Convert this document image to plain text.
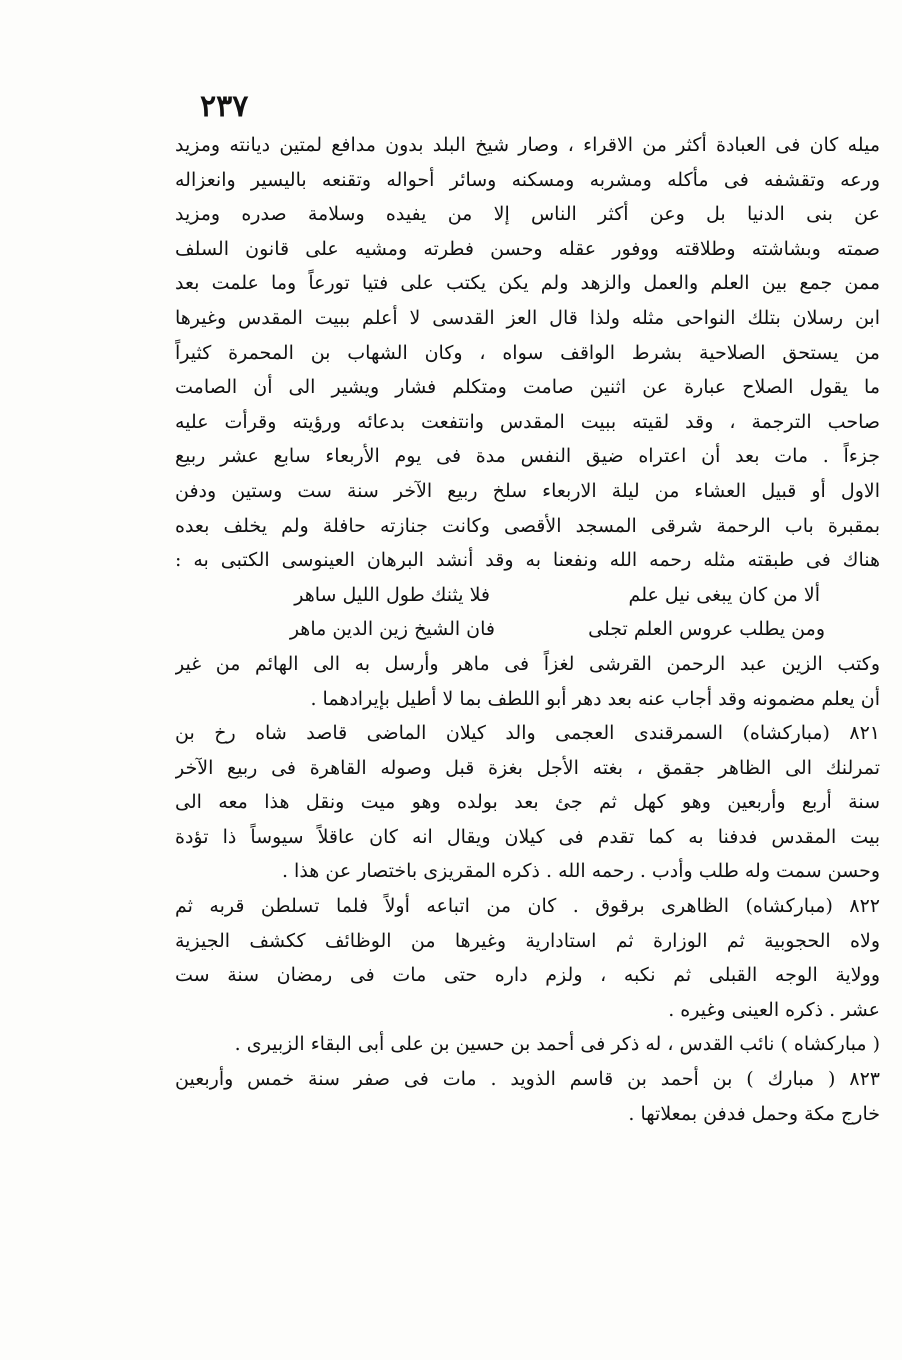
٢٣٧
ميله كان فى العبادة أكثر من الاقراء ، وصار شيخ البلد بدون مدافع لمتين ديانته ومزيد
ورعه وتقشفه فى مأكله ومشربه ومسكنه وسائر أحواله وتقنعه باليسير وانعزاله
عن بنى الدنيا بل وعن أكثر الناس إلا من يفيده وسلامة صدره ومزيد
صمته وبشاشته وطلاقته ووفور عقله وحسن فطرته ومشيه على قانون السلف
ممن جمع بين العلم والعمل والزهد ولم يكن يكتب على فتيا تورعاً وما علمت بعد
ابن رسلان بتلك النواحى مثله ولذا قال العز القدسى لا أعلم ببيت المقدس وغيرها
من يستحق الصلاحية بشرط الواقف سواه ، وكان الشهاب بن المحمرة كثيراً
ما يقول الصلاح عبارة عن اثنين صامت ومتكلم فشار ويشير الى أن الصامت
صاحب الترجمة ، وقد لقيته ببيت المقدس وانتفعت بدعائه ورؤيته وقرأت عليه
جزءاً . مات بعد أن اعتراه ضيق النفس مدة فى يوم الأربعاء سابع عشر ربيع
الاول أو قبيل العشاء من ليلة الاربعاء سلخ ربيع الآخر سنة ست وستين ودفن
بمقبرة باب الرحمة شرقى المسجد الأقصى وكانت جنازته حافلة ولم يخلف بعده
هناك فى طبقته مثله رحمه الله ونفعنا به وقد أنشد البرهان العينوسى الكتبى به :
ألا من كان يبغى نيل علم
فلا يثنك طول الليل ساهر
ومن يطلب عروس العلم تجلى
فان الشيخ زين الدين ماهر
وكتب الزين عبد الرحمن القرشى لغزاً فى ماهر وأرسل به الى الهائم من غير
أن يعلم مضمونه وقد أجاب عنه بعد دهر أبو اللطف بما لا أطيل بإيرادهما .
٨٢١ (مباركشاه) السمرقندى العجمى والد كيلان الماضى قاصد شاه رخ بن
تمرلنك الى الظاهر جقمق ، بغته الأجل بغزة قبل وصوله القاهرة فى ربيع الآخر
سنة أربع وأربعين وهو كهل ثم جئ بعد بولده وهو ميت ونقل هذا معه الى
بيت المقدس فدفنا به كما تقدم فى كيلان ويقال انه كان عاقلاً سيوساً ذا تؤدة
وحسن سمت وله طلب وأدب . رحمه الله . ذكره المقريزى باختصار عن هذا .
٨٢٢ (مباركشاه) الظاهرى برقوق . كان من اتباعه أولاً فلما تسلطن قربه ثم
ولاه الحجوبية ثم الوزارة ثم استادارية وغيرها من الوظائف ككشف الجيزية
وولاية الوجه القبلى ثم نكبه ، ولزم داره حتى مات فى رمضان سنة ست
عشر . ذكره العينى وغيره .
( مباركشاه ) نائب القدس ، له ذكر فى أحمد بن حسين بن على أبى البقاء الزبيرى .
٨٢٣ ( مبارك ) بن أحمد بن قاسم الذويد . مات فى صفر سنة خمس وأربعين
خارج مكة وحمل فدفن بمعلاتها .
